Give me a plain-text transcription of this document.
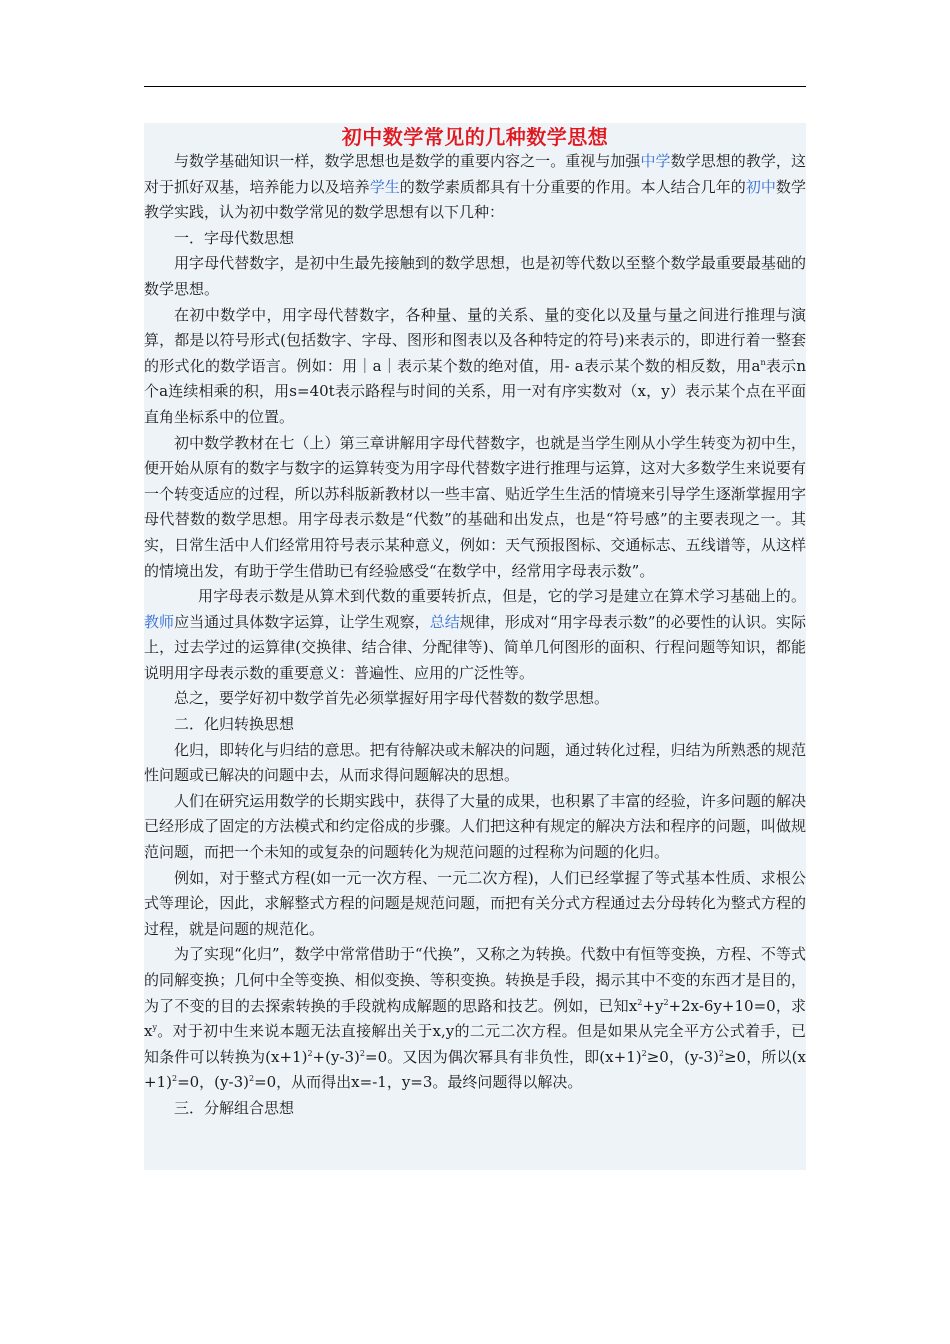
初中数学常见的几种数学思想

与数学基础知识一样，数学思想也是数学的重要内容之一。重视与加强中学数学思想的教学，这对于抓好双基，培养能力以及培养学生的数学素质都具有十分重要的作用。本人结合几年的初中数学教学实践，认为初中数学常见的数学思想有以下几种：

一．字母代数思想

用字母代替数字，是初中生最先接触到的数学思想，也是初等代数以至整个数学最重要最基础的数学思想。

在初中数学中，用字母代替数字，各种量、量的关系、量的变化以及量与量之间进行推理与演算，都是以符号形式(包括数字、字母、图形和图表以及各种特定的符号)来表示的，即进行着一整套的形式化的数学语言。例如：用｜a｜表示某个数的绝对值，用- a表示某个数的相反数，用$a^n$表示n个a连续相乘的积，用s=40t表示路程与时间的关系，用一对有序实数对（x，y）表示某个点在平面直角坐标系中的位置。

初中数学教材在七（上）第三章讲解用字母代替数字，也就是当学生刚从小学生转变为初中生，便开始从原有的数字与数字的运算转变为用字母代替数字进行推理与运算，这对大多数学生来说要有一个转变适应的过程，所以苏科版新教材以一些丰富、贴近学生生活的情境来引导学生逐渐掌握用字母代替数的数学思想。用字母表示数是“代数”的基础和出发点，也是“符号感”的主要表现之一。其实，日常生活中人们经常用符号表示某种意义，例如：天气预报图标、交通标志、五线谱等，从这样的情境出发，有助于学生借助已有经验感受“在数学中，经常用字母表示数”。

用字母表示数是从算术到代数的重要转折点，但是，它的学习是建立在算术学习基础上的。教师应当通过具体数字运算，让学生观察，总结规律，形成对“用字母表示数”的必要性的认识。实际上，过去学过的运算律(交换律、结合律、分配律等)、简单几何图形的面积、行程问题等知识，都能说明用字母表示数的重要意义：普遍性、应用的广泛性等。

总之，要学好初中数学首先必须掌握好用字母代替数的数学思想。

二．化归转换思想

化归，即转化与归结的意思。把有待解决或未解决的问题，通过转化过程，归结为所熟悉的规范性问题或已解决的问题中去，从而求得问题解决的思想。

人们在研究运用数学的长期实践中，获得了大量的成果，也积累了丰富的经验，许多问题的解决已经形成了固定的方法模式和约定俗成的步骤。人们把这种有规定的解决方法和程序的问题，叫做规范问题，而把一个未知的或复杂的问题转化为规范问题的过程称为问题的化归。

例如，对于整式方程(如一元一次方程、一元二次方程)，人们已经掌握了等式基本性质、求根公式等理论，因此，求解整式方程的问题是规范问题，而把有关分式方程通过去分母转化为整式方程的过程，就是问题的规范化。

为了实现“化归”，数学中常常借助于“代换”，又称之为转换。代数中有恒等变换，方程、不等式的同解变换；几何中全等变换、相似变换、等积变换。转换是手段，揭示其中不变的东西才是目的，为了不变的目的去探索转换的手段就构成解题的思路和技艺。例如，已知$x^2+y^2+2x-6y+10=0$，求$x^y$。对于初中生来说本题无法直接解出关于x,y的二元二次方程。但是如果从完全平方公式着手，已知条件可以转换为$(x+1)^2+(y-3)^2=0$。又因为偶次幂具有非负性，即$(x+1)^2\ge 0$，$(y-3)^2\ge 0$，所以$(x+1)^2=0$，$(y-3)^2=0$，从而得出x=-1，y=3。最终问题得以解决。

三．分解组合思想
